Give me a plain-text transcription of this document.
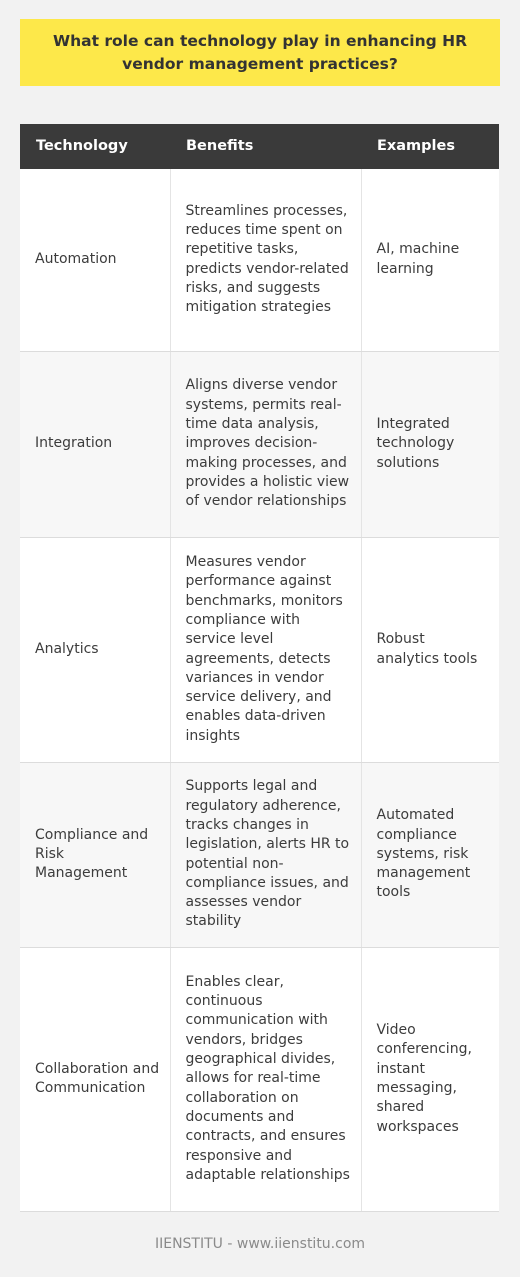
What role can technology play in enhancing HR vendor management practices?
Technology	Benefits	Examples
Automation	Streamlines processes, reduces time spent on repetitive tasks, predicts vendor-related risks, and suggests mitigation strategies	AI, machine learning
Integration	Aligns diverse vendor systems, permits real-time data analysis, improves decision-making processes, and provides a holistic view of vendor relationships	Integrated technology solutions
Analytics	Measures vendor performance against benchmarks, monitors compliance with service level agreements, detects variances in vendor service delivery, and enables data-driven insights	Robust analytics tools
Compliance and Risk Management	Supports legal and regulatory adherence, tracks changes in legislation, alerts HR to potential non-compliance issues, and assesses vendor stability	Automated compliance systems, risk management tools
Collaboration and Communication	Enables clear, continuous communication with vendors, bridges geographical divides, allows for real-time collaboration on documents and contracts, and ensures responsive and adaptable relationships	Video conferencing, instant messaging, shared workspaces
IIENSTITU - www.iienstitu.com
